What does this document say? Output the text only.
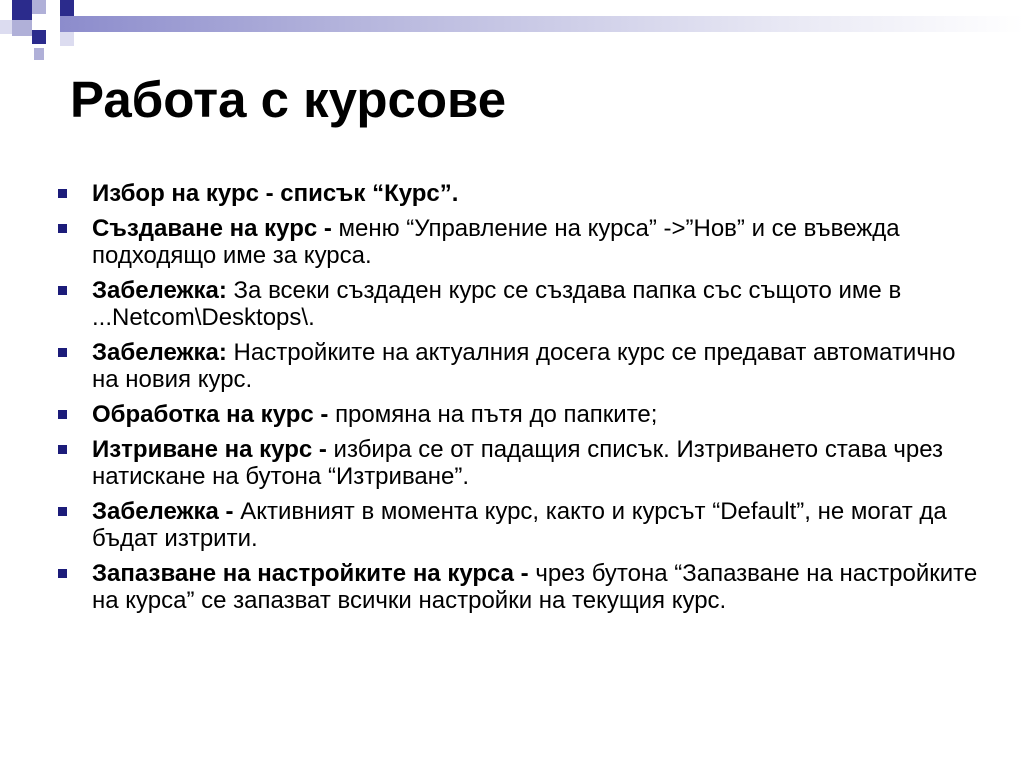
Работа с курсове
Избор на курс - списък “Курс”.
Създаване на курс - меню “Управление на курса” ->”Нов” и се въвежда подходящо име за курса.
Забележка: За всеки създаден курс се създава папка със същото име в ...Netcom\Desktops\.
Забележка: Настройките на актуалния досега курс се предават автоматично на новия курс.
Обработка на курс - промяна на пътя до папките;
Изтриване на курс - избира се от падащия списък. Изтриването става чрез натискане на бутона “Изтриване”.
Забележка - Активният в момента курс, както и курсът “Default”, не могат да бъдат изтрити.
Запазване на настройките на курса - чрез бутона “Запазване на настройките на курса” се запазват всички настройки на текущия курс.
